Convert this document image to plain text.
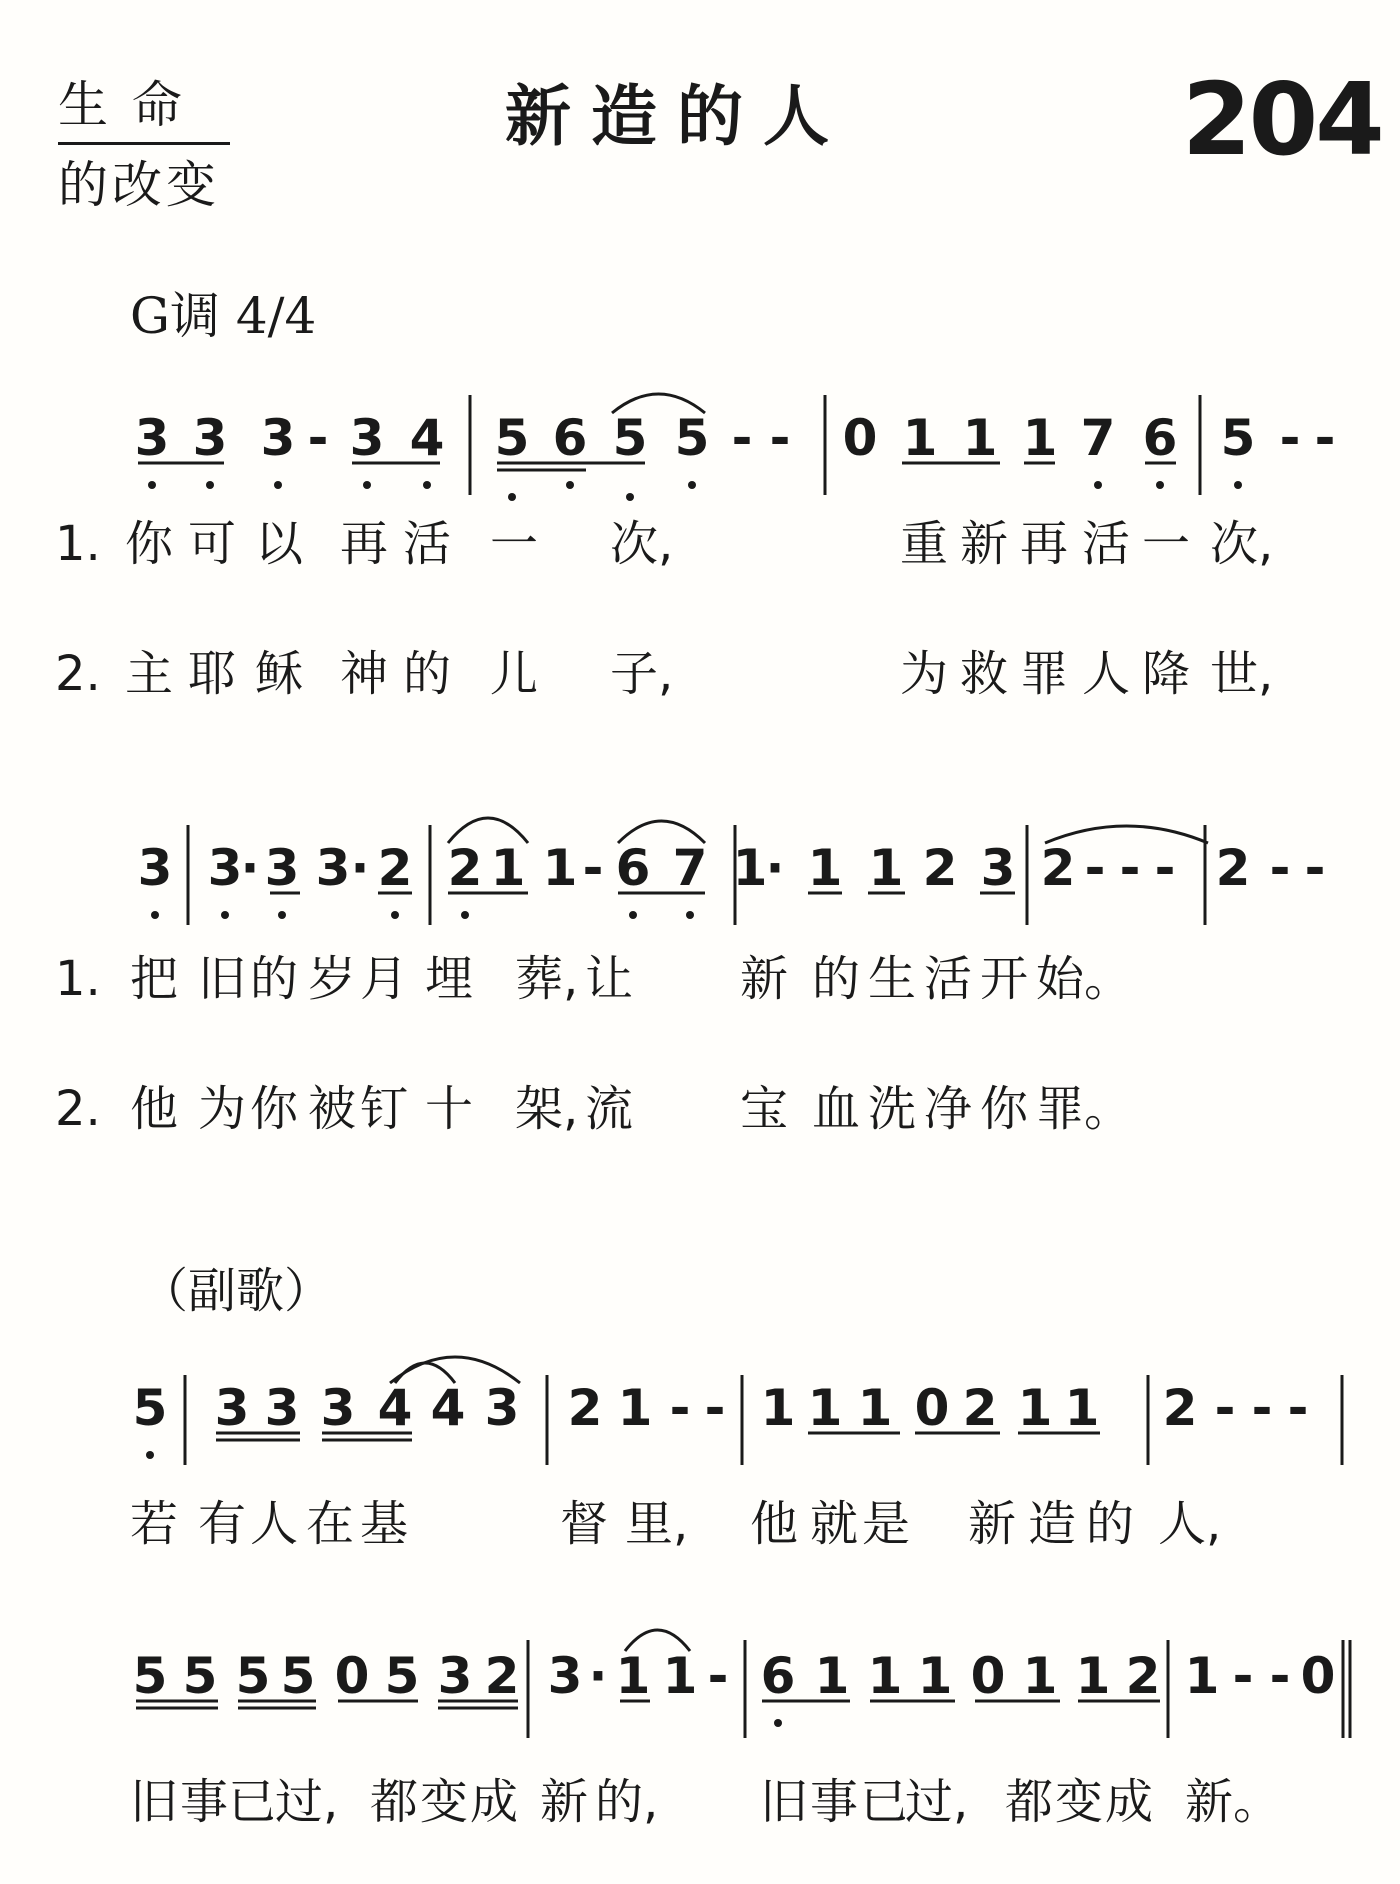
生 命
的改变
新造的人	204
G调 4/4
（副歌）
3 3 3 - 3 4 5 6 5 5 - - 0 1 1 1 7 6 5 - -
1. 你 可 以 再 活 一 次,	重 新 再 活 一 次,
2. 主 耶 稣 神 的 儿 子,	为 救 罪 人 降 世,
3 3
· 3 3 · 2 2 1 1 - 6 7 1
· 1 1 2 3 2 - - - 2 - -
1. 把 旧 的 岁 月 埋 葬, 让 新 的 生 活 开 始。
2. 他 为 你 被 钉 十 架, 流 宝 血 洗 净 你 罪。
5 3 3 3 4 4 3 2 1 - - 1 1 1 0 2 1 1 2 - - -
若 有 人 在 基	督 里, 他 就 是 新 造 的 人,
5 5 5 5 0 5 3 2 3 · 1 1 - 6 1 1 1 0 1 1 2 1 - - 0
旧 事 已
过, 都 变 成 新 的, 旧 事 已
过, 都 变 成 新。
